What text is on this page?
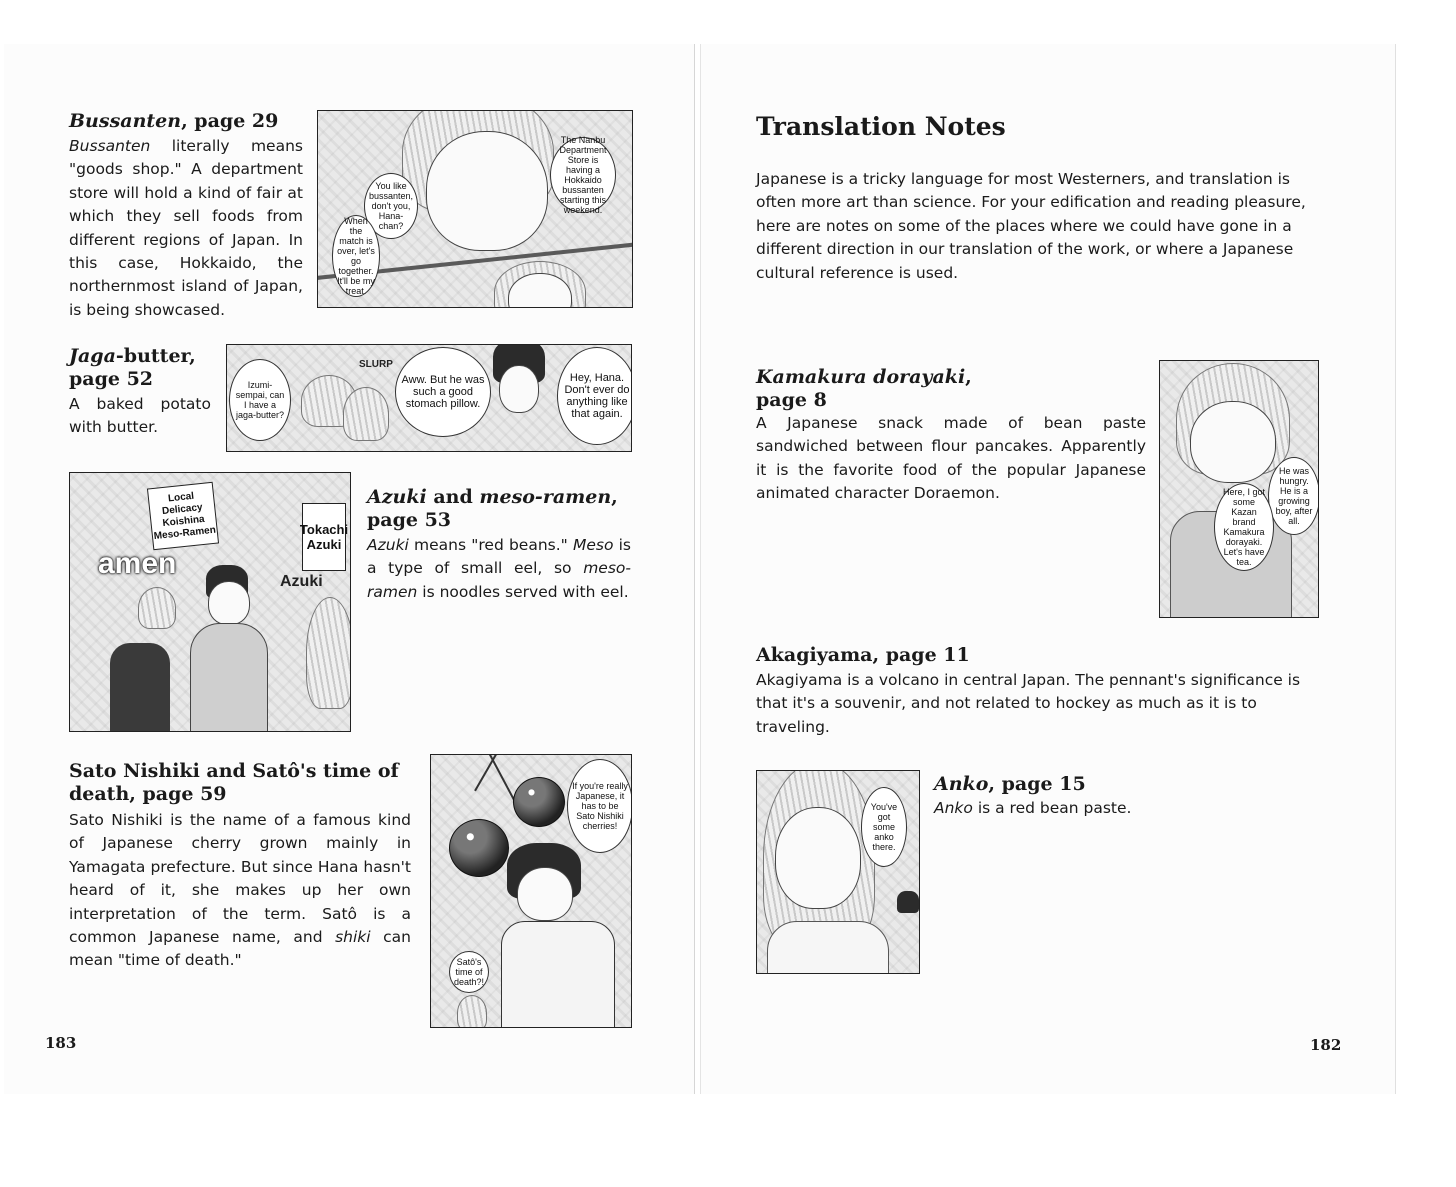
Bussanten, page 29
Bussanten literally means "goods shop." A department store will hold a kind of fair at which they sell foods from different regions of Japan. In this case, Hokkaido, the northernmost island of Japan, is being showcased.
The Nanbu Department Store is having a Hokkaido bussanten starting this weekend.
You like bussanten, don't you, Hana-chan?
When the match is over, let's go together. It'll be my treat.
Jaga-butter, page 52
A baked potato with butter.
SLURP
Izumi-sempai, can I have a jaga-butter?
Aww. But he was such a good stomach pillow.
Hey, Hana. Don't ever do anything like that again.
Local Delicacy Koishina Meso-Ramen	Tokachi Azuki
amen
Azuki
Azuki and meso-ramen, page 53
Azuki means "red beans." Meso is a type of small eel, so meso-ramen is noodles served with eel.
Sato Nishiki and Satô's time of death, page 59
Sato Nishiki is the name of a famous kind of Japanese cherry grown mainly in Yamagata prefecture. But since Hana hasn't heard of it, she makes up her own interpretation of the term. Satô is a common Japanese name, and shiki can mean "time of death."
If you're really Japanese, it has to be Sato Nishiki cherries!
Satô's time of death?!
183
Translation Notes
Japanese is a tricky language for most Westerners, and translation is often more art than science. For your edification and reading pleasure, here are notes on some of the places where we could have gone in a different direction in our translation of the work, or where a Japanese cultural reference is used.
Kamakura dorayaki,
page 8
A Japanese snack made of bean paste sandwiched between flour pancakes. Apparently it is the favorite food of the popular Japanese animated character Doraemon.
He was hungry. He is a growing boy, after all.
Here, I got some Kazan brand Kamakura dorayaki. Let's have tea.
Akagiyama, page 11
Akagiyama is a volcano in central Japan. The pennant's significance is that it's a souvenir, and not related to hockey as much as it is to traveling.
You've got some anko there.
Anko, page 15
Anko is a red bean paste.
182
